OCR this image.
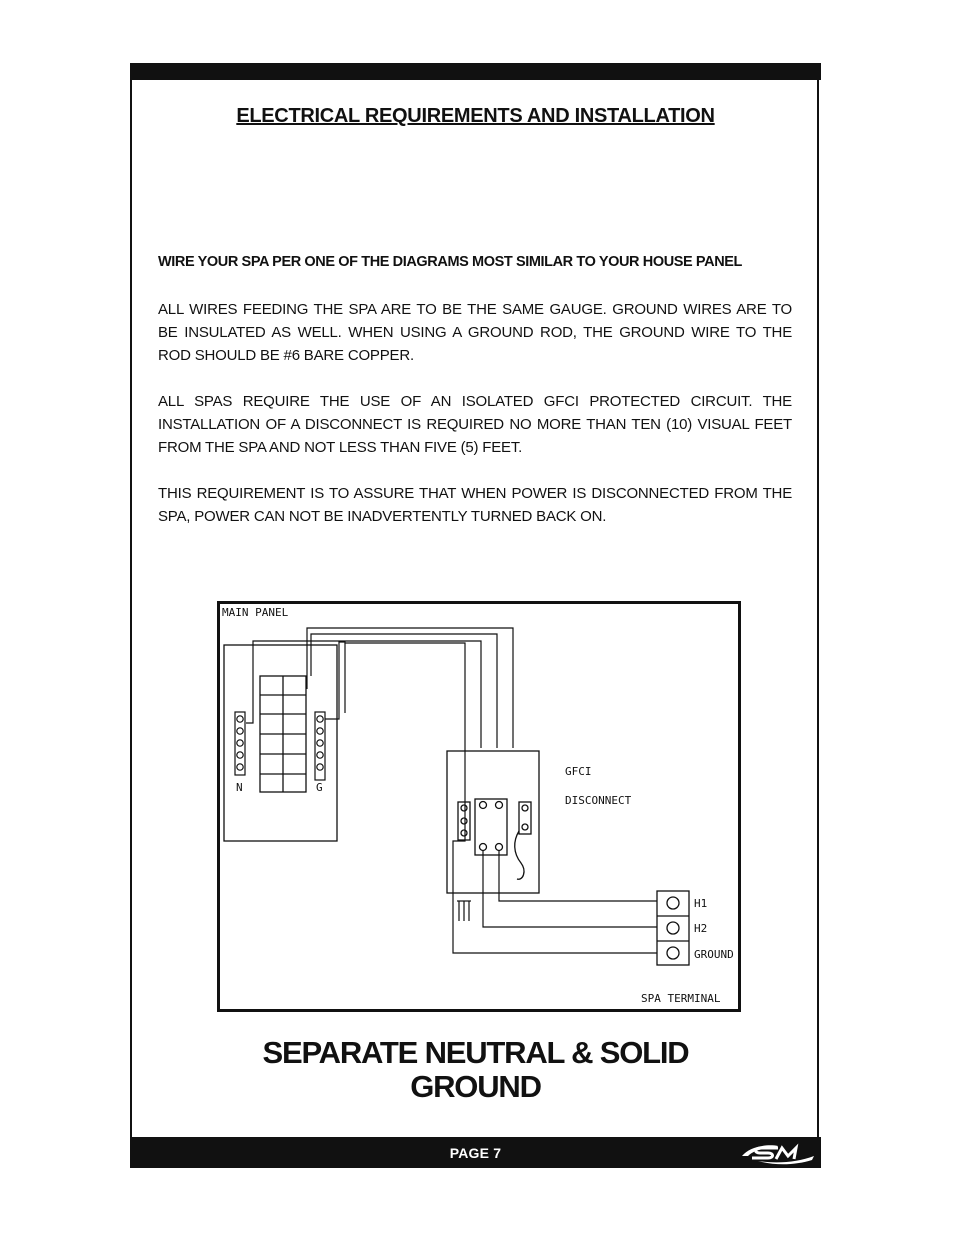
ELECTRICAL REQUIREMENTS AND INSTALLATION
WIRE YOUR SPA PER ONE OF THE DIAGRAMS MOST SIMILAR TO YOUR HOUSE PANEL
ALL WIRES FEEDING THE SPA ARE TO BE THE SAME GAUGE. GROUND WIRES ARE TO BE INSULATED AS WELL. WHEN USING A GROUND ROD, THE GROUND WIRE TO THE ROD SHOULD BE #6 BARE COPPER.
ALL SPAS REQUIRE THE USE OF AN ISOLATED GFCI PROTECTED CIRCUIT. THE INSTALLATION OF A DISCONNECT IS REQUIRED NO MORE THAN TEN (10) VISUAL FEET FROM THE SPA AND NOT LESS THAN FIVE (5) FEET.
THIS REQUIREMENT IS TO ASSURE THAT WHEN POWER IS DISCONNECTED FROM THE SPA, POWER CAN NOT BE INADVERTENTLY TURNED BACK ON.
MAIN PANEL
N	G
GFCI
DISCONNECT
H1
H2
GROUND
SPA TERMINAL
SEPARATE NEUTRAL & SOLID
GROUND
PAGE 7
